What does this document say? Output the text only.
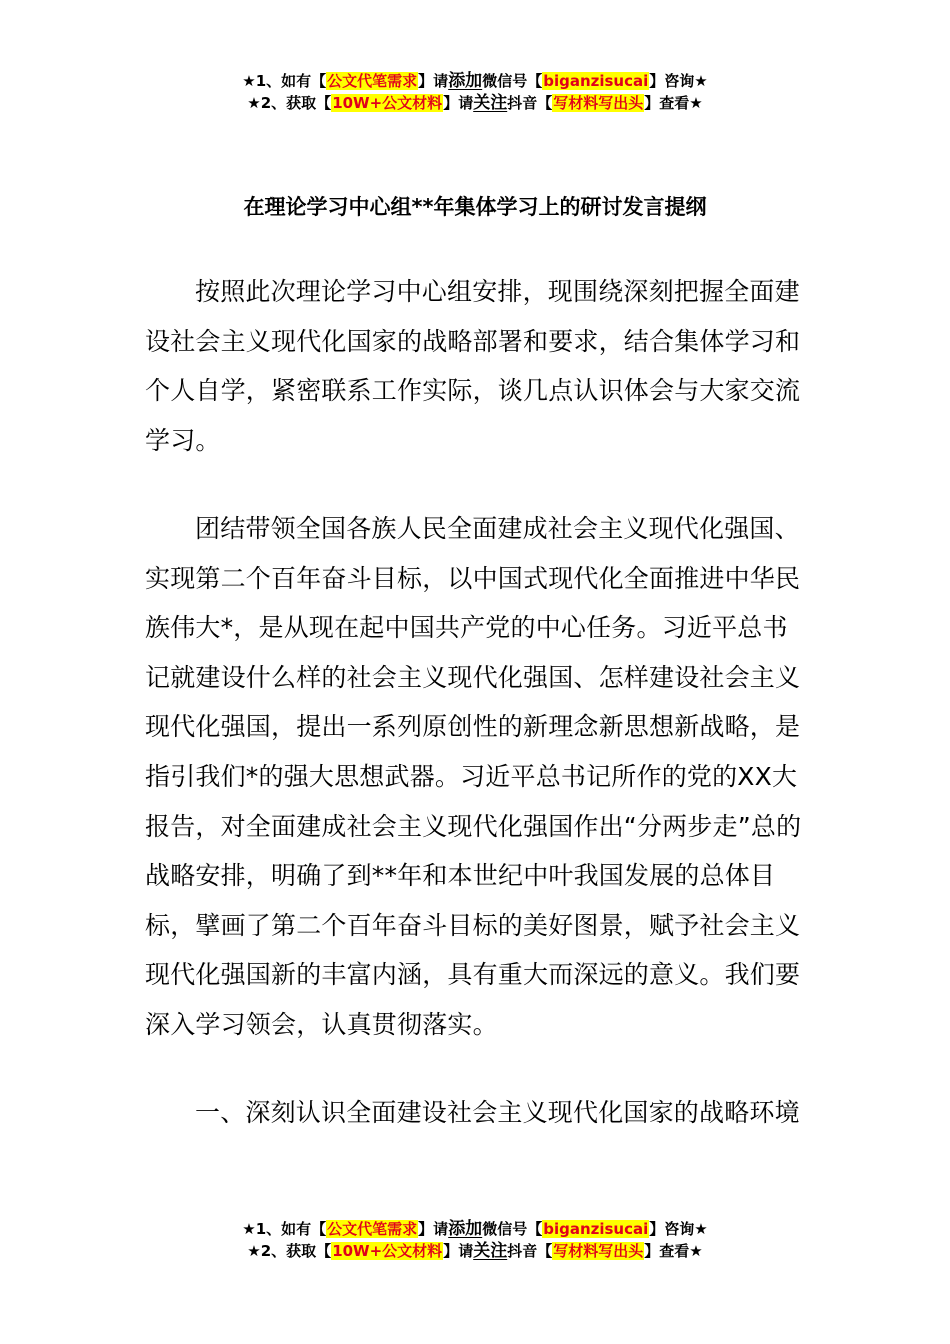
★1、如有【公文代笔需求】请添加微信号【biganzisucai】咨询★
★2、获取【10W+公文材料】请关注抖音【写材料写出头】查看★
在理论学习中心组**年集体学习上的研讨发言提纲

按照此次理论学习中心组安排，现围绕深刻把握全面建设社会主义现代化国家的战略部署和要求，结合集体学习和个人自学，紧密联系工作实际，谈几点认识体会与大家交流学习。

团结带领全国各族人民全面建成社会主义现代化强国、实现第二个百年奋斗目标，以中国式现代化全面推进中华民族伟大*，是从现在起中国共产党的中心任务。习近平总书记就建设什么样的社会主义现代化强国、怎样建设社会主义现代化强国，提出一系列原创性的新理念新思想新战略，是指引我们*的强大思想武器。习近平总书记所作的党的XX大报告，对全面建成社会主义现代化强国作出“分两步走”总的战略安排，明确了到**年和本世纪中叶我国发展的总体目标，擘画了第二个百年奋斗目标的美好图景，赋予社会主义现代化强国新的丰富内涵，具有重大而深远的意义。我们要深入学习领会，认真贯彻落实。

一、深刻认识全面建设社会主义现代化国家的战略环境

★1、如有【公文代笔需求】请添加微信号【biganzisucai】咨询★
★2、获取【10W+公文材料】请关注抖音【写材料写出头】查看★
